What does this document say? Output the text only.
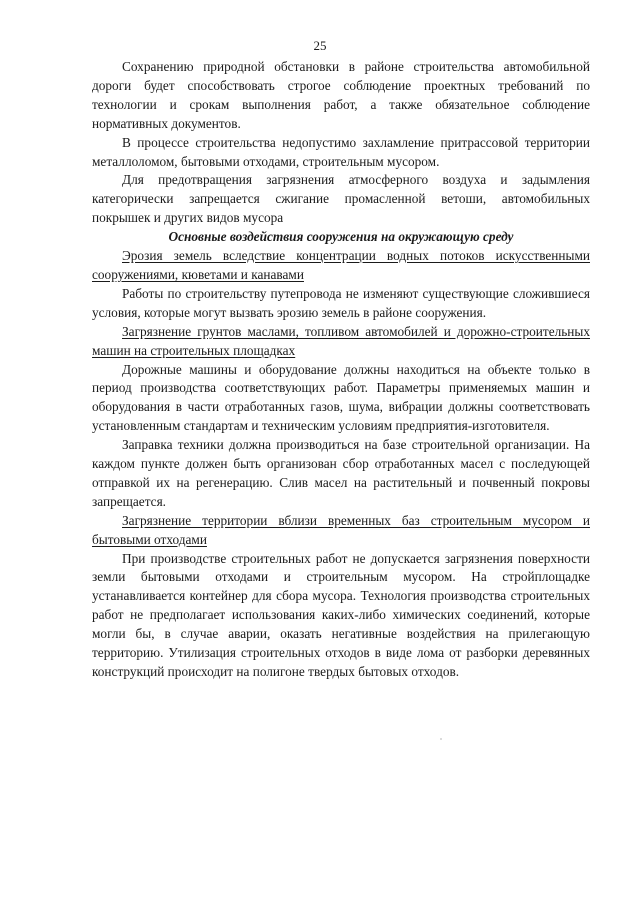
25

Сохранению природной обстановки в районе строительства автомобильной дороги будет способствовать строгое соблюдение проектных требований по технологии и срокам выполнения работ, а также обязательное соблюдение нормативных документов.

В процессе строительства недопустимо захламление притрассовой территории металлоломом, бытовыми отходами, строительным мусором.

Для предотвращения загрязнения атмосферного воздуха и задымления категорически запрещается сжигание промасленной ветоши, автомобильных покрышек и других видов мусора

Основные воздействия сооружения на окружающую среду

Эрозия земель вследствие концентрации водных потоков искусственными сооружениями, кюветами и канавами

Работы по строительству путепровода не изменяют существующие сложившиеся условия, которые могут вызвать эрозию земель в районе сооружения.

Загрязнение грунтов маслами, топливом автомобилей и дорожно-строительных машин на строительных площадках

Дорожные машины и оборудование должны находиться на объекте только в период производства соответствующих работ. Параметры применяемых машин и оборудования в части отработанных газов, шума, вибрации должны соответствовать установленным стандартам и техническим условиям предприятия-изготовителя.

Заправка техники должна производиться на базе строительной организации. На каждом пункте должен быть организован сбор отработанных масел с последующей отправкой их на регенерацию. Слив масел на растительный и почвенный покровы запрещается.

Загрязнение территории вблизи временных баз строительным мусором и бытовыми отходами

При производстве строительных работ не допускается загрязнения поверхности земли бытовыми отходами и строительным мусором. На стройплощадке устанавливается контейнер для сбора мусора. Технология производства строительных работ не предполагает использования каких-либо химических соединений, которые могли бы, в случае аварии, оказать негативные воздействия на прилегающую территорию. Утилизация строительных отходов в виде лома от разборки деревянных конструкций происходит на полигоне твердых бытовых отходов.
